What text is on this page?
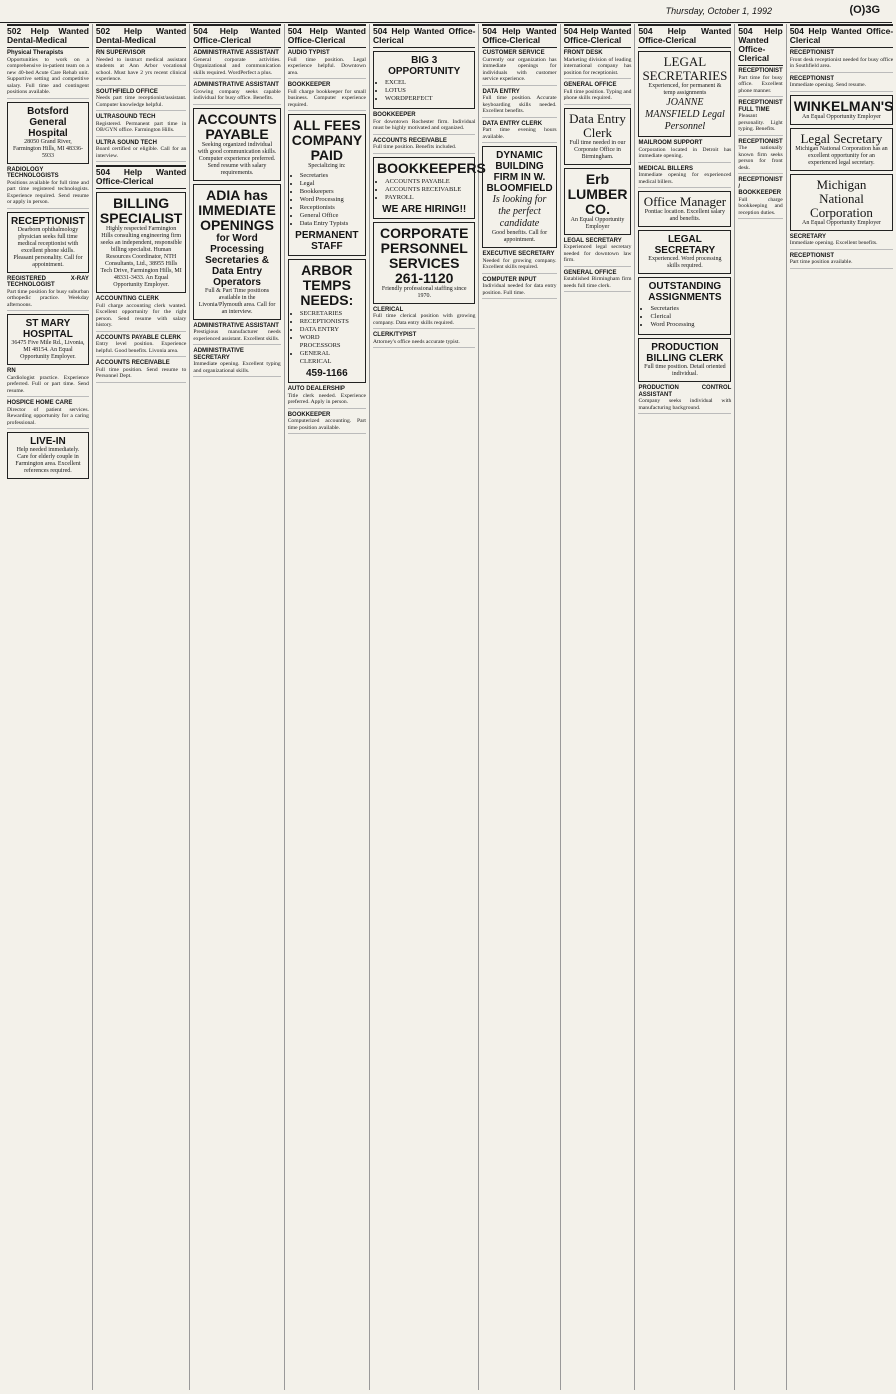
Thursday, October 1, 1992	(O)3G
502 Help Wanted Dental-Medical
Physical Therapists
Opportunities to work on a comprehensive in-patient team on a new 40-bed Acute Care Rehab unit. Supportive setting and competitive salary. Full time and contingent positions available.
Botsford General Hospital
28050 Grand River, Farmington Hills, MI 48336-5933
RADIOLOGY TECHNOLOGISTS
Positions available for full time and part time registered technologists. Experience required. Send resume or apply in person.
RECEPTIONIST
Dearborn ophthalmology physician seeks full time medical receptionist with excellent phone skills. Pleasant personality. Call for appointment.
REGISTERED X-RAY TECHNOLOGIST
Part time position for busy suburban orthopedic practice. Weekday afternoons.
ST MARY HOSPITAL
36475 Five Mile Rd., Livonia, MI 48154. An Equal Opportunity Employer.
RN
Cardiologist practice. Experience preferred. Full or part time. Send resume.
HOSPICE HOME CARE
Director of patient services. Rewarding opportunity for a caring professional.
LIVE-IN
Help needed immediately. Care for elderly couple in Farmington area. Excellent references required.
502 Help Wanted Dental-Medical
RN SUPERVISOR
Needed to instruct medical assistant students at Ann Arbor vocational school. Must have 2 yrs recent clinical experience.
SOUTHFIELD OFFICE
Needs part time receptionist/assistant. Computer knowledge helpful.
ULTRASOUND TECH
Registered. Permanent part time in OB/GYN office. Farmington Hills.
ULTRA SOUND TECH
Board certified or eligible. Call for an interview.
504 Help Wanted Office-Clerical
BILLING SPECIALIST
Highly respected Farmington Hills consulting engineering firm seeks an independent, responsible billing specialist. Human Resources Coordinator, NTH Consultants, Ltd., 38955 Hills Tech Drive, Farmington Hills, MI 48331-3433. An Equal Opportunity Employer.
ACCOUNTING CLERK
Full charge accounting clerk wanted. Excellent opportunity for the right person. Send resume with salary history.
ACCOUNTS PAYABLE CLERK
Entry level position. Experience helpful. Good benefits. Livonia area.
ACCOUNTS RECEIVABLE
Full time position. Send resume to Personnel Dept.
504 Help Wanted Office-Clerical
ADMINISTRATIVE ASSISTANT
General corporate activities. Organizational and communication skills required. WordPerfect a plus.
ADMINISTRATIVE ASSISTANT
Growing company seeks capable individual for busy office. Benefits.
ACCOUNTS PAYABLE
Seeking organized individual with good communication skills. Computer experience preferred. Send resume with salary requirements.
ADIA has IMMEDIATE OPENINGS
for Word Processing Secretaries & Data Entry Operators
Full & Part Time positions available in the Livonia/Plymouth area. Call for an interview.
ADMINISTRATIVE ASSISTANT
Prestigious manufacturer needs experienced assistant. Excellent skills.
ADMINISTRATIVE SECRETARY
Immediate opening. Excellent typing and organizational skills.
504 Help Wanted Office-Clerical
AUDIO TYPIST
Full time position. Legal experience helpful. Downtown area.
BOOKKEEPER
Full charge bookkeeper for small business. Computer experience required.
ALL FEES COMPANY PAID
Specializing in:
• Secretaries
• Legal
• Bookkeepers
• Word Processing
• Receptionists
• General Office
• Data Entry Typists
PERMANENT STAFF
ARBOR TEMPS NEEDS:
• SECRETARIES
• RECEPTIONISTS
• DATA ENTRY
• WORD PROCESSORS
• GENERAL CLERICAL
459-1166
AUTO DEALERSHIP
Title clerk needed. Experience preferred. Apply in person.
BOOKKEEPER
Computerized accounting. Part time position available.
504 Help Wanted Office-Clerical
BIG 3 OPPORTUNITY
• EXCEL
• LOTUS
• WORDPERFECT
BOOKKEEPER
For downtown Rochester firm. Individual must be highly motivated and organized.
ACCOUNTS RECEIVABLE
Full time position. Benefits included.
BOOKKEEPERS
• ACCOUNTS PAYABLE
• ACCOUNTS RECEIVABLE
• PAYROLL
WE ARE HIRING!!
CORPORATE PERSONNEL SERVICES
261-1120
Friendly professional staffing since 1970.
CLERICAL
Full time clerical position with growing company. Data entry skills required.
CLERK/TYPIST
Attorney's office needs accurate typist.
504 Help Wanted Office-Clerical
CUSTOMER SERVICE
Currently our organization has immediate openings for individuals with customer service experience.
DATA ENTRY
Full time position. Accurate keyboarding skills needed. Excellent benefits.
DATA ENTRY CLERK
Part time evening hours available.
DYNAMIC BUILDING FIRM IN W. BLOOMFIELD
Is looking for the perfect candidate
Good benefits. Call for appointment.
EXECUTIVE SECRETARY
Needed for growing company. Excellent skills required.
COMPUTER INPUT
Individual needed for data entry position. Full time.
504 Help Wanted Office-Clerical
FRONT DESK
Marketing division of leading international company has position for receptionist.
GENERAL OFFICE
Full time position. Typing and phone skills required.
Data Entry Clerk
Full time needed in our Corporate Office in Birmingham.
Erb LUMBER CO.
An Equal Opportunity Employer
LEGAL SECRETARY
Experienced legal secretary needed for downtown law firm.
GENERAL OFFICE
Established Birmingham firm needs full time clerk.
504 Help Wanted Office-Clerical
LEGAL SECRETARIES
Experienced, for permanent & temp assignments
JOANNE MANSFIELD Legal Personnel
MAILROOM SUPPORT
Corporation located in Detroit has immediate opening.
MEDICAL BILLERS
Immediate opening for experienced medical billers.
Office Manager
Pontiac location. Excellent salary and benefits.
LEGAL SECRETARY
Experienced. Word processing skills required.
OUTSTANDING ASSIGNMENTS
• Secretaries
• Clerical
• Word Processing
PRODUCTION BILLING CLERK
Full time position. Detail oriented individual.
PRODUCTION CONTROL ASSISTANT
Company seeks individual with manufacturing background.
504 Help Wanted Office-Clerical
RECEPTIONIST
Part time for busy office. Excellent phone manner.
RECEPTIONIST FULL TIME
Pleasant personality. Light typing. Benefits.
RECEPTIONIST
The nationally known firm seeks person for front desk.
RECEPTIONIST / BOOKKEEPER
Full charge bookkeeping and reception duties.
504 Help Wanted Office-Clerical
RECEPTIONIST
Front desk receptionist needed for busy office in Southfield area.
RECEPTIONIST
Immediate opening. Send resume.
WINKELMAN'S
An Equal Opportunity Employer
Legal Secretary
Michigan National Corporation has an excellent opportunity for an experienced legal secretary.
Michigan National Corporation
An Equal Opportunity Employer
SECRETARY
Immediate opening. Excellent benefits.
RECEPTIONIST
Part time position available.
